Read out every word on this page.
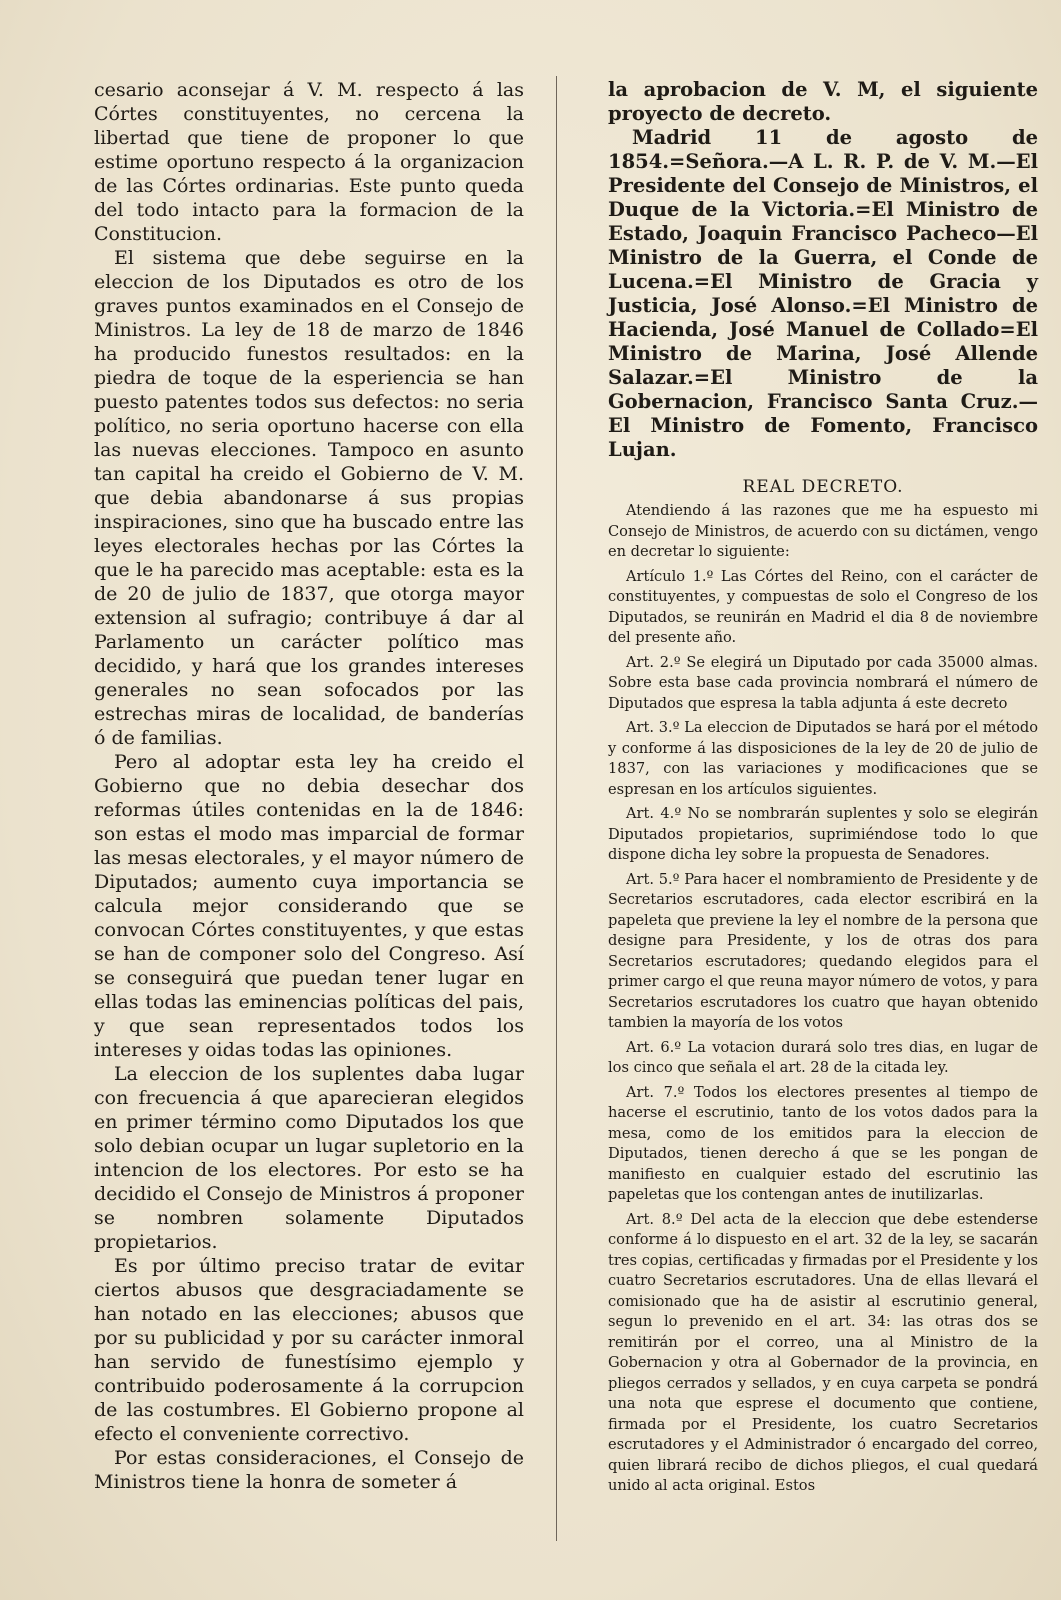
cesario aconsejar á V. M. respecto á las Córtes constituyentes, no cercena la libertad que tiene de proponer lo que estime oportuno respecto á la organizacion de las Córtes ordinarias. Este punto queda del todo intacto para la formacion de la Constitucion.

El sistema que debe seguirse en la eleccion de los Diputados es otro de los graves puntos examinados en el Consejo de Ministros. La ley de 18 de marzo de 1846 ha producido funestos resultados: en la piedra de toque de la esperiencia se han puesto patentes todos sus defectos: no seria político, no seria oportuno hacerse con ella las nuevas elecciones. Tampoco en asunto tan capital ha creido el Gobierno de V. M. que debia abandonarse á sus propias inspiraciones, sino que ha buscado entre las leyes electorales hechas por las Córtes la que le ha parecido mas aceptable: esta es la de 20 de julio de 1837, que otorga mayor extension al sufragio; contribuye á dar al Parlamento un carácter político mas decidido, y hará que los grandes intereses generales no sean sofocados por las estrechas miras de localidad, de banderías ó de familias.

Pero al adoptar esta ley ha creido el Gobierno que no debia desechar dos reformas útiles contenidas en la de 1846: son estas el modo mas imparcial de formar las mesas electorales, y el mayor número de Diputados; aumento cuya importancia se calcula mejor considerando que se convocan Córtes constituyentes, y que estas se han de componer solo del Congreso. Así se conseguirá que puedan tener lugar en ellas todas las eminencias políticas del pais, y que sean representados todos los intereses y oidas todas las opiniones.

La eleccion de los suplentes daba lugar con frecuencia á que aparecieran elegidos en primer término como Diputados los que solo debian ocupar un lugar supletorio en la intencion de los electores. Por esto se ha decidido el Consejo de Ministros á proponer se nombren solamente Diputados propietarios.

Es por último preciso tratar de evitar ciertos abusos que desgraciadamente se han notado en las elecciones; abusos que por su publicidad y por su carácter inmoral han servido de funestísimo ejemplo y contribuido poderosamente á la corrupcion de las costumbres. El Gobierno propone al efecto el conveniente correctivo.

Por estas consideraciones, el Consejo de Ministros tiene la honra de someter á

la aprobacion de V. M, el siguiente proyecto de decreto.

Madrid 11 de agosto de 1854.=Señora.—A L. R. P. de V. M.—El Presidente del Consejo de Ministros, el Duque de la Victoria.=El Ministro de Estado, Joaquin Francisco Pacheco—El Ministro de la Guerra, el Conde de Lucena.=El Ministro de Gracia y Justicia, José Alonso.=El Ministro de Hacienda, José Manuel de Collado=El Ministro de Marina, José Allende Salazar.=El Ministro de la Gobernacion, Francisco Santa Cruz.—El Ministro de Fomento, Francisco Lujan.

REAL DECRETO.

Atendiendo á las razones que me ha espuesto mi Consejo de Ministros, de acuerdo con su dictámen, vengo en decretar lo siguiente:

Artículo 1.º Las Córtes del Reino, con el carácter de constituyentes, y compuestas de solo el Congreso de los Diputados, se reunirán en Madrid el dia 8 de noviembre del presente año.

Art. 2.º Se elegirá un Diputado por cada 35000 almas. Sobre esta base cada provincia nombrará el número de Diputados que espresa la tabla adjunta á este decreto

Art. 3.º La eleccion de Diputados se hará por el método y conforme á las disposiciones de la ley de 20 de julio de 1837, con las variaciones y modificaciones que se espresan en los artículos siguientes.

Art. 4.º No se nombrarán suplentes y solo se elegirán Diputados propietarios, suprimiéndose todo lo que dispone dicha ley sobre la propuesta de Senadores.

Art. 5.º Para hacer el nombramiento de Presidente y de Secretarios escrutadores, cada elector escribirá en la papeleta que previene la ley el nombre de la persona que designe para Presidente, y los de otras dos para Secretarios escrutadores; quedando elegidos para el primer cargo el que reuna mayor número de votos, y para Secretarios escrutadores los cuatro que hayan obtenido tambien la mayoría de los votos

Art. 6.º La votacion durará solo tres dias, en lugar de los cinco que señala el art. 28 de la citada ley.

Art. 7.º Todos los electores presentes al tiempo de hacerse el escrutinio, tanto de los votos dados para la mesa, como de los emitidos para la eleccion de Diputados, tienen derecho á que se les pongan de manifiesto en cualquier estado del escrutinio las papeletas que los contengan antes de inutilizarlas.

Art. 8.º Del acta de la eleccion que debe estenderse conforme á lo dispuesto en el art. 32 de la ley, se sacarán tres copias, certificadas y firmadas por el Presidente y los cuatro Secretarios escrutadores. Una de ellas llevará el comisionado que ha de asistir al escrutinio general, segun lo prevenido en el art. 34: las otras dos se remitirán por el correo, una al Ministro de la Gobernacion y otra al Gobernador de la provincia, en pliegos cerrados y sellados, y en cuya carpeta se pondrá una nota que esprese el documento que contiene, firmada por el Presidente, los cuatro Secretarios escrutadores y el Administrador ó encargado del correo, quien librará recibo de dichos pliegos, el cual quedará unido al acta original. Estos
